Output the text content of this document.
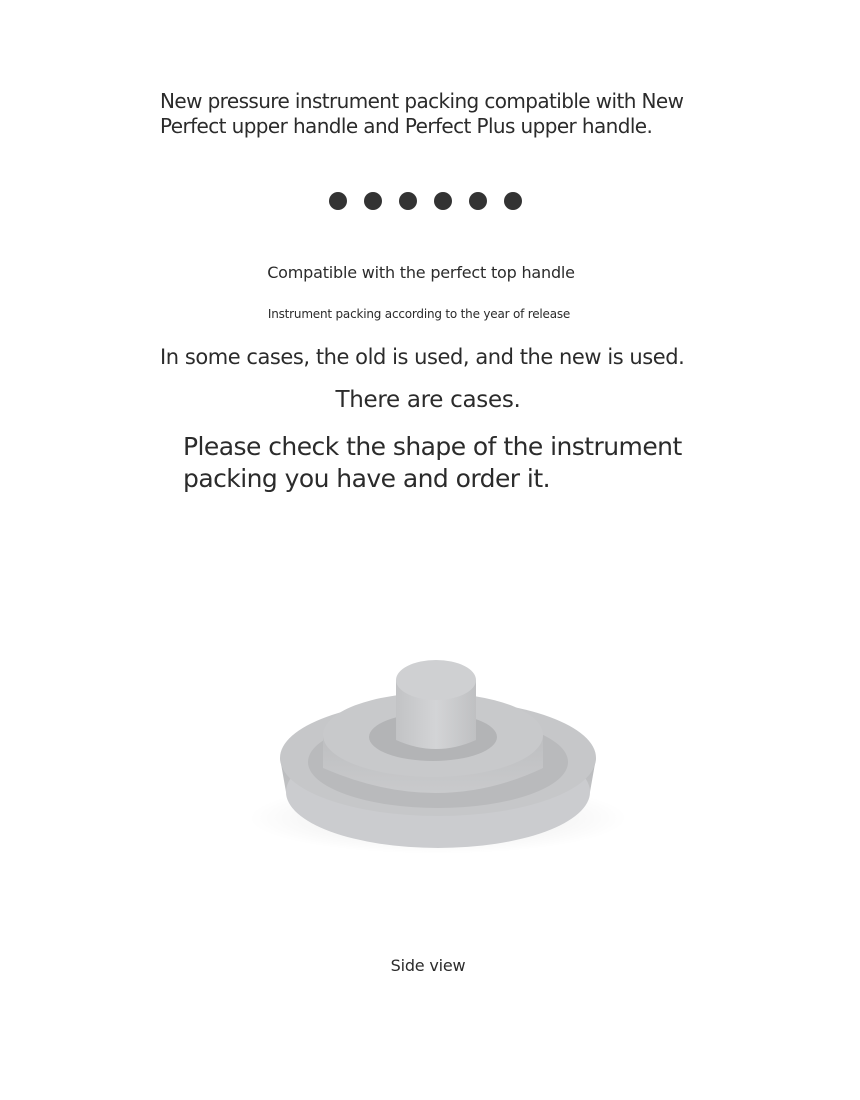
New pressure instrument packing compatible with New Perfect upper handle and Perfect Plus upper handle.

Compatible with the perfect top handle

Instrument packing according to the year of release

In some cases, the old is used, and the new is used.

There are cases.

Please check the shape of the instrument packing you have and order it.

Side view
